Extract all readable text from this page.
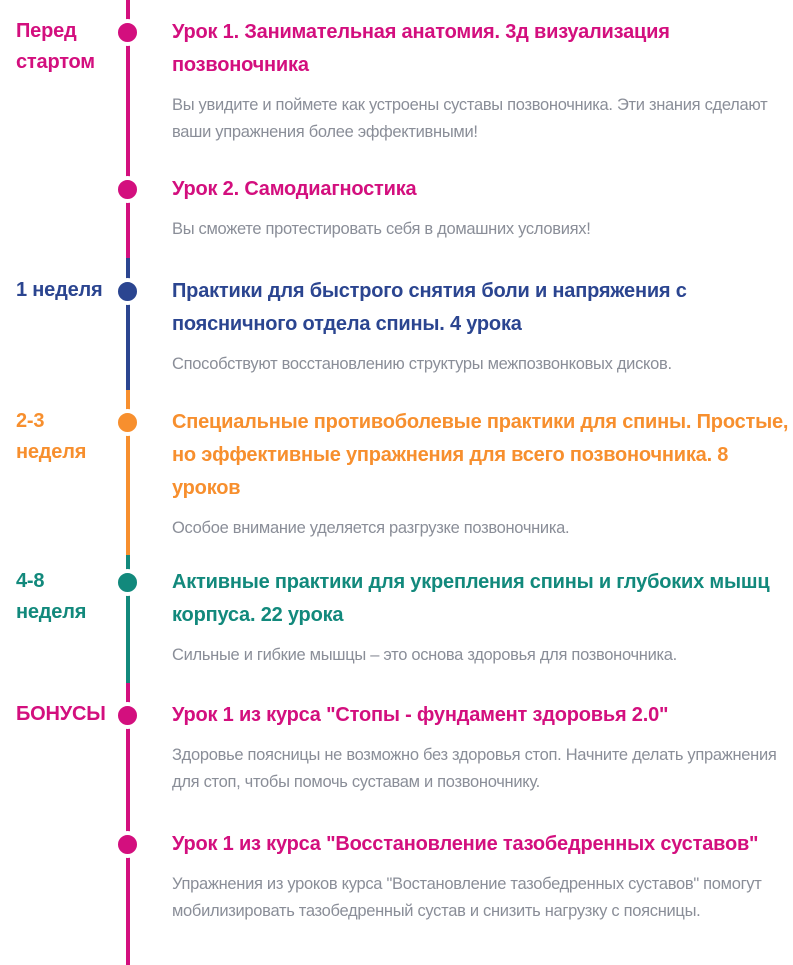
Перед стартом
Урок 1. Занимательная анатомия. 3д визуализация позвоночника

Вы увидите и поймете как устроены суставы позвоночника. Эти знания сделают ваши упражнения более эффективными!

Урок 2. Самодиагностика

Вы сможете протестировать себя в домашних условиях!

1 неделя	Практики для быстрого снятия боли и напряжения с поясничного отдела спины. 4 урока

Способствуют восстановлению структуры межпозвонковых дисков.

2-3 неделя
Специальные противоболевые практики для спины. Простые, но эффективные упражнения для всего позвоночника. 8 уроков

Особое внимание уделяется разгрузке позвоночника.

4-8 неделя
Активные практики для укрепления спины и глубоких мышц корпуса. 22 урока

Сильные и гибкие мышцы – это основа здоровья для позвоночника.

БОНУСЫ	Урок 1 из курса "Стопы - фундамент здоровья 2.0"

Здоровье поясницы не возможно без здоровья стоп. Начните делать упражнения для стоп, чтобы помочь суставам и позвоночнику.

Урок 1 из курса "Восстановление тазобедренных суставов"

Упражнения из уроков курса "Востановление тазобедренных суставов" помогут мобилизировать тазобедренный сустав и снизить нагрузку с поясницы.
